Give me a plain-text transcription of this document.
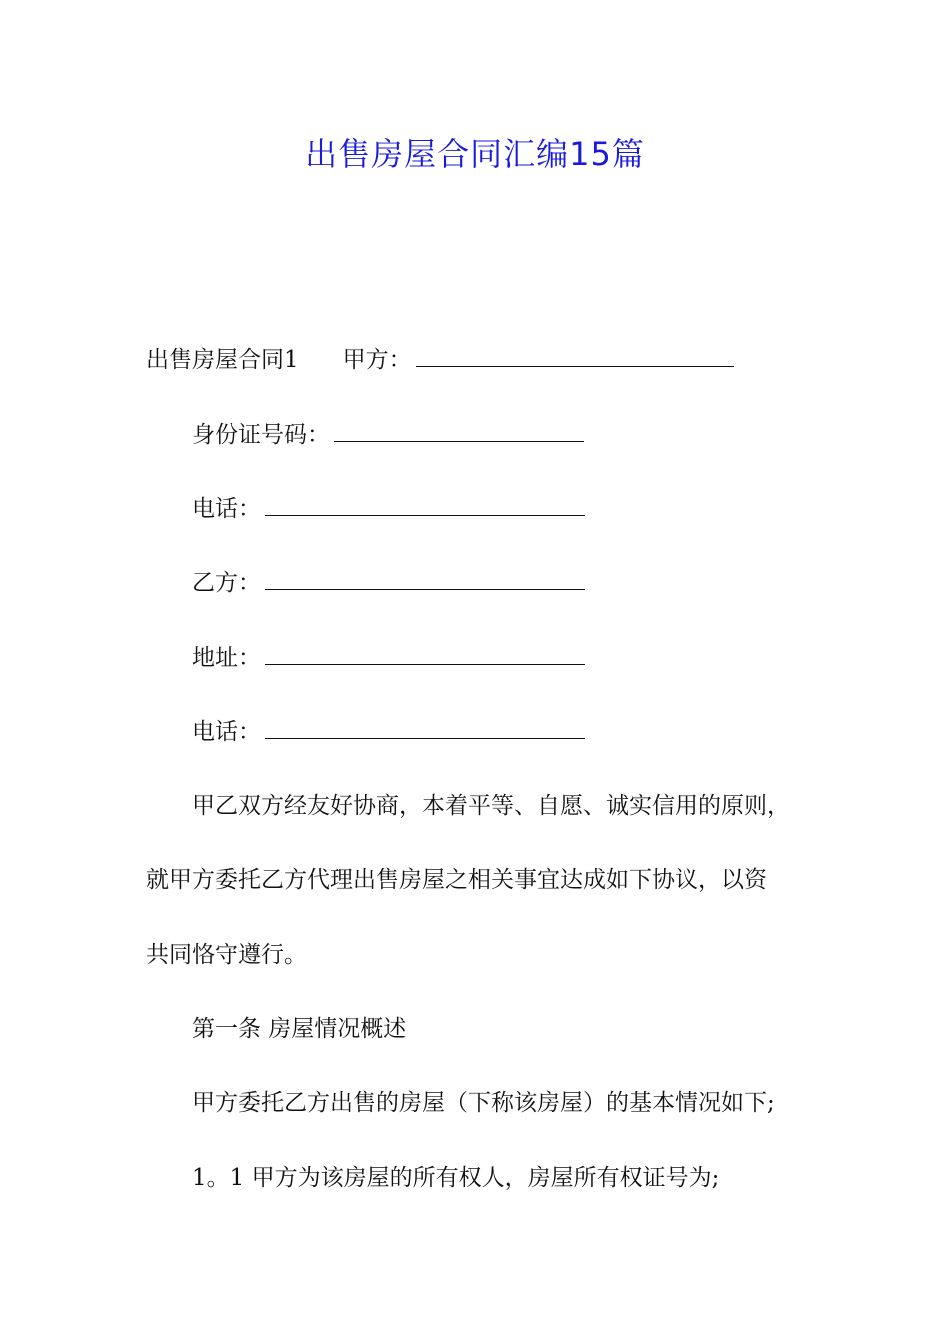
出售房屋合同汇编15篇
出售房屋合同1 甲方：
身份证号码：
电话：
乙方：
地址：
电话：
甲乙双方经友好协商，本着平等、自愿、诚实信用的原则，
就甲方委托乙方代理出售房屋之相关事宜达成如下协议，以资
共同恪守遵行。
第一条 房屋情况概述
甲方委托乙方出售的房屋（下称该房屋）的基本情况如下;
1。1 甲方为该房屋的所有权人，房屋所有权证号为;
